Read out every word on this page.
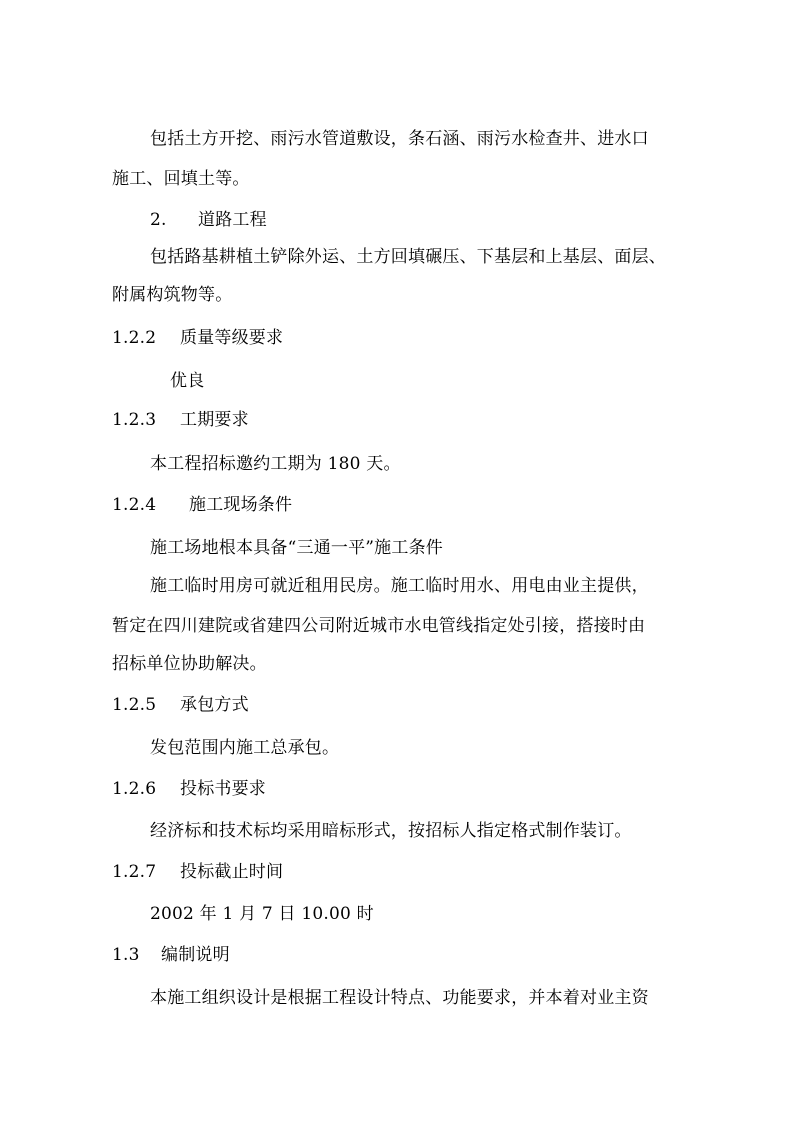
包括土方开挖、雨污水管道敷设，条石涵、雨污水检查井、进水口
施工、回填土等。
2.	道路工程
包括路基耕植土铲除外运、土方回填碾压、下基层和上基层、面层、
附属构筑物等。
1.2.2	质量等级要求
优良
1.2.3	工期要求
本工程招标邀约工期为 180 天。
1.2.4	施工现场条件
施工场地根本具备“三通一平”施工条件
施工临时用房可就近租用民房。施工临时用水、用电由业主提供，
暂定在四川建院或省建四公司附近城市水电管线指定处引接，搭接时由
招标单位协助解决。
1.2.5	承包方式
发包范围内施工总承包。
1.2.6	投标书要求
经济标和技术标均采用暗标形式，按招标人指定格式制作装订。
1.2.7	投标截止时间
2002 年 1 月 7 日 10.00 时
1.3	编制说明
本施工组织设计是根据工程设计特点、功能要求，并本着对业主资
